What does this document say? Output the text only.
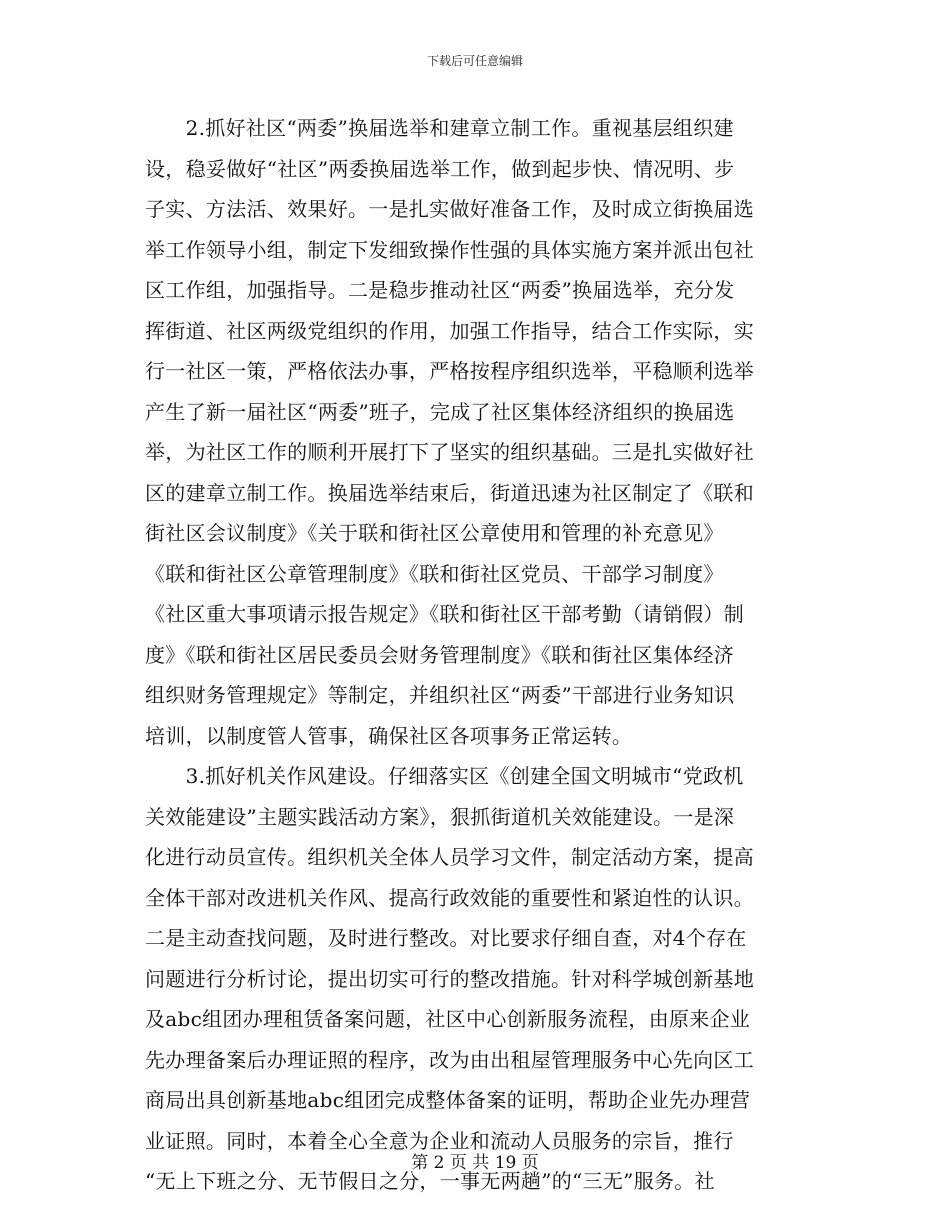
下载后可任意编辑
　　2.抓好社区“两委”换届选举和建章立制工作。重视基层组织建
设，稳妥做好“社区”两委换届选举工作，做到起步快、情况明、步
子实、方法活、效果好。一是扎实做好准备工作，及时成立街换届选
举工作领导小组，制定下发细致操作性强的具体实施方案并派出包社
区工作组，加强指导。二是稳步推动社区“两委”换届选举，充分发
挥街道、社区两级党组织的作用，加强工作指导，结合工作实际，实
行一社区一策，严格依法办事，严格按程序组织选举，平稳顺利选举
产生了新一届社区“两委”班子，完成了社区集体经济组织的换届选
举，为社区工作的顺利开展打下了坚实的组织基础。三是扎实做好社
区的建章立制工作。换届选举结束后，街道迅速为社区制定了《联和
街社区会议制度》《关于联和街社区公章使用和管理的补充意见》
《联和街社区公章管理制度》《联和街社区党员、干部学习制度》
《社区重大事项请示报告规定》《联和街社区干部考勤（请销假）制
度》《联和街社区居民委员会财务管理制度》《联和街社区集体经济
组织财务管理规定》等制定，并组织社区“两委”干部进行业务知识
培训，以制度管人管事，确保社区各项事务正常运转。
　　3.抓好机关作风建设。仔细落实区《创建全国文明城市“党政机
关效能建设”主题实践活动方案》，狠抓街道机关效能建设。一是深
化进行动员宣传。组织机关全体人员学习文件，制定活动方案，提高
全体干部对改进机关作风、提高行政效能的重要性和紧迫性的认识。
二是主动查找问题，及时进行整改。对比要求仔细自查，对4个存在
问题进行分析讨论，提出切实可行的整改措施。针对科学城创新基地
及abc组团办理租赁备案问题，社区中心创新服务流程，由原来企业
先办理备案后办理证照的程序，改为由出租屋管理服务中心先向区工
商局出具创新基地abc组团完成整体备案的证明，帮助企业先办理营
业证照。同时，本着全心全意为企业和流动人员服务的宗旨，推行
“无上下班之分、无节假日之分，一事无两趟”的“三无”服务。社
第 2 页 共 19 页
